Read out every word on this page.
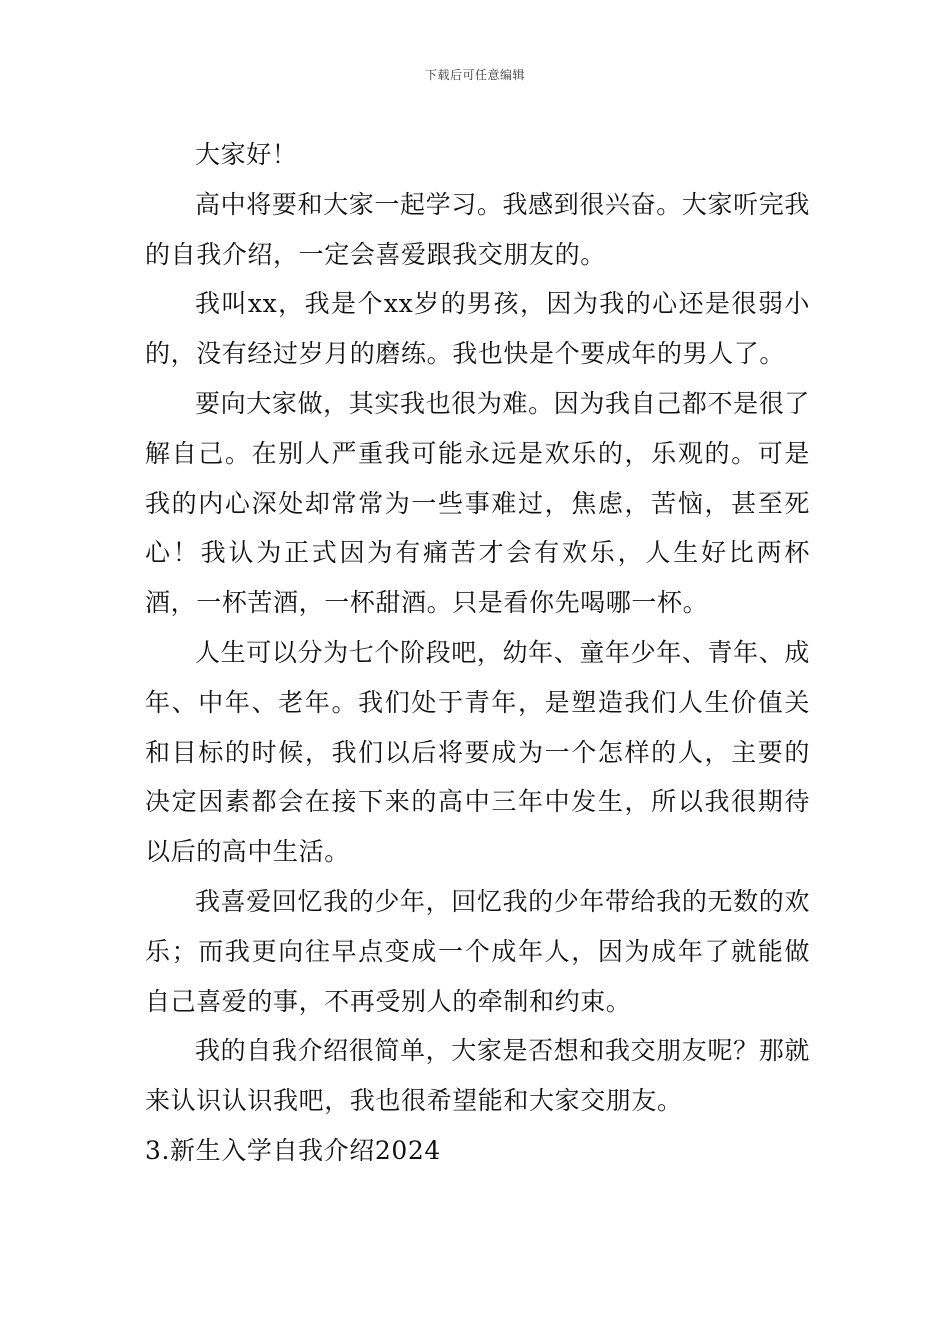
下载后可任意编辑

大家好！

高中将要和大家一起学习。我感到很兴奋。大家听完我的自我介绍，一定会喜爱跟我交朋友的。

我叫xx，我是个xx岁的男孩，因为我的心还是很弱小的，没有经过岁月的磨练。我也快是个要成年的男人了。

要向大家做，其实我也很为难。因为我自己都不是很了解自己。在别人严重我可能永远是欢乐的，乐观的。可是我的内心深处却常常为一些事难过，焦虑，苦恼，甚至死心！我认为正式因为有痛苦才会有欢乐，人生好比两杯酒，一杯苦酒，一杯甜酒。只是看你先喝哪一杯。

人生可以分为七个阶段吧，幼年、童年少年、青年、成年、中年、老年。我们处于青年，是塑造我们人生价值关和目标的时候，我们以后将要成为一个怎样的人，主要的决定因素都会在接下来的高中三年中发生，所以我很期待以后的高中生活。

我喜爱回忆我的少年，回忆我的少年带给我的无数的欢乐；而我更向往早点变成一个成年人，因为成年了就能做自己喜爱的事，不再受别人的牵制和约束。

我的自我介绍很简单，大家是否想和我交朋友呢？那就来认识认识我吧，我也很希望能和大家交朋友。

3.新生入学自我介绍2024
